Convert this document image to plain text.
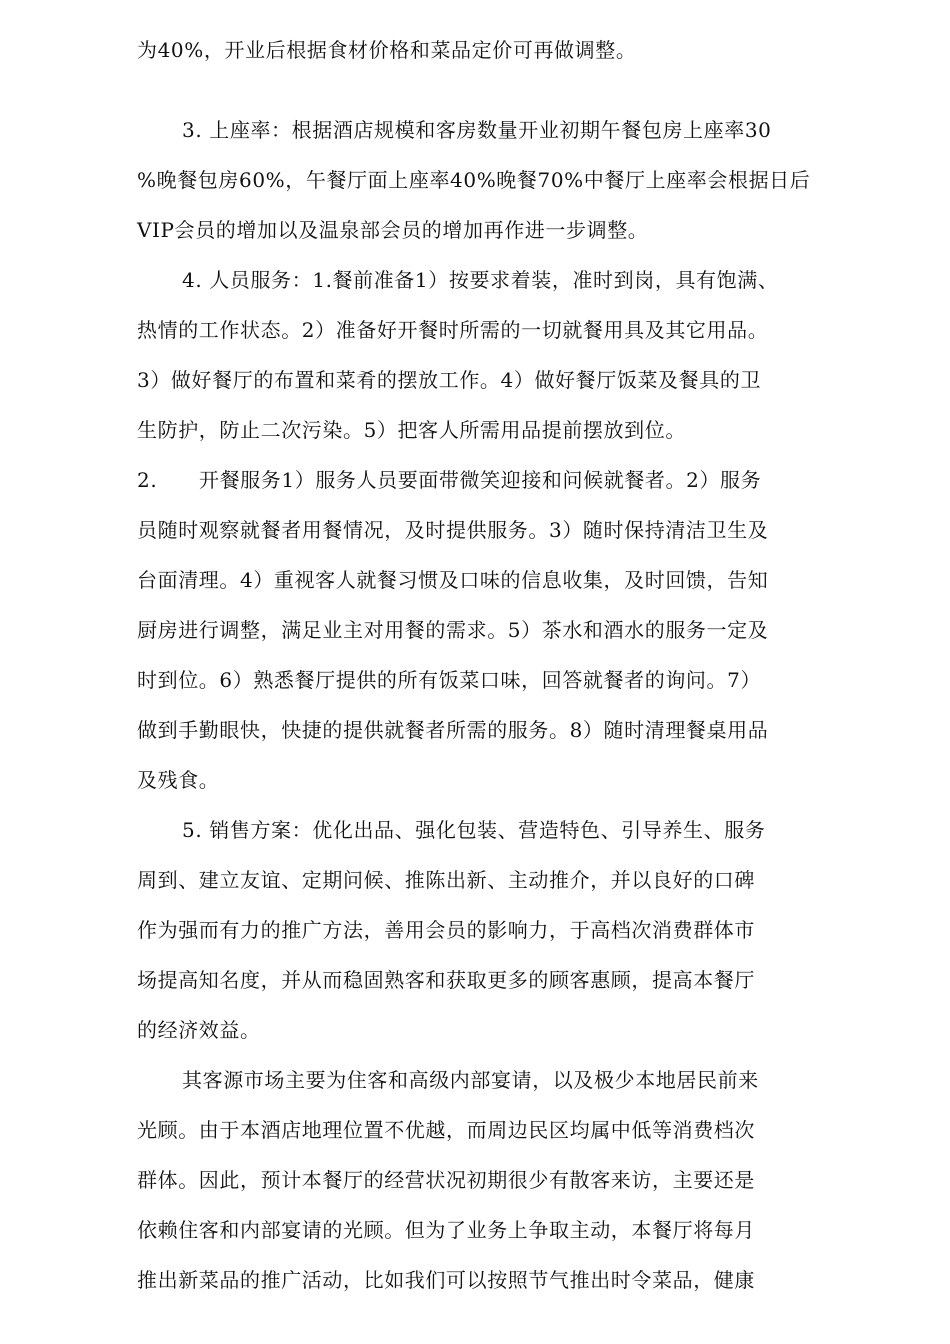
为40%，开业后根据食材价格和菜品定价可再做调整。
3. 上座率：根据酒店规模和客房数量开业初期午餐包房上座率30
%晚餐包房60%，午餐厅面上座率40%晚餐70%中餐厅上座率会根据日后
VIP会员的增加以及温泉部会员的增加再作进一步调整。
4. 人员服务：1.餐前准备1）按要求着装，准时到岗，具有饱满、
热情的工作状态。2）准备好开餐时所需的一切就餐用具及其它用品。
3）做好餐厅的布置和菜肴的摆放工作。4）做好餐厅饭菜及餐具的卫
生防护，防止二次污染。5）把客人所需用品提前摆放到位。
2. 开餐服务1）服务人员要面带微笑迎接和问候就餐者。2）服务
员随时观察就餐者用餐情况，及时提供服务。3）随时保持清洁卫生及
台面清理。4）重视客人就餐习惯及口味的信息收集，及时回馈，告知
厨房进行调整，满足业主对用餐的需求。5）茶水和酒水的服务一定及
时到位。6）熟悉餐厅提供的所有饭菜口味，回答就餐者的询问。7）
做到手勤眼快，快捷的提供就餐者所需的服务。8）随时清理餐桌用品
及残食。
5. 销售方案：优化出品、强化包装、营造特色、引导养生、服务
周到、建立友谊、定期问候、推陈出新、主动推介，并以良好的口碑
作为强而有力的推广方法，善用会员的影响力，于高档次消费群体市
场提高知名度，并从而稳固熟客和获取更多的顾客惠顾，提高本餐厅
的经济效益。
其客源市场主要为住客和高级内部宴请，以及极少本地居民前来
光顾。由于本酒店地理位置不优越，而周边民区均属中低等消费档次
群体。因此，预计本餐厅的经营状况初期很少有散客来访，主要还是
依赖住客和内部宴请的光顾。但为了业务上争取主动，本餐厅将每月
推出新菜品的推广活动，比如我们可以按照节气推出时令菜品，健康
